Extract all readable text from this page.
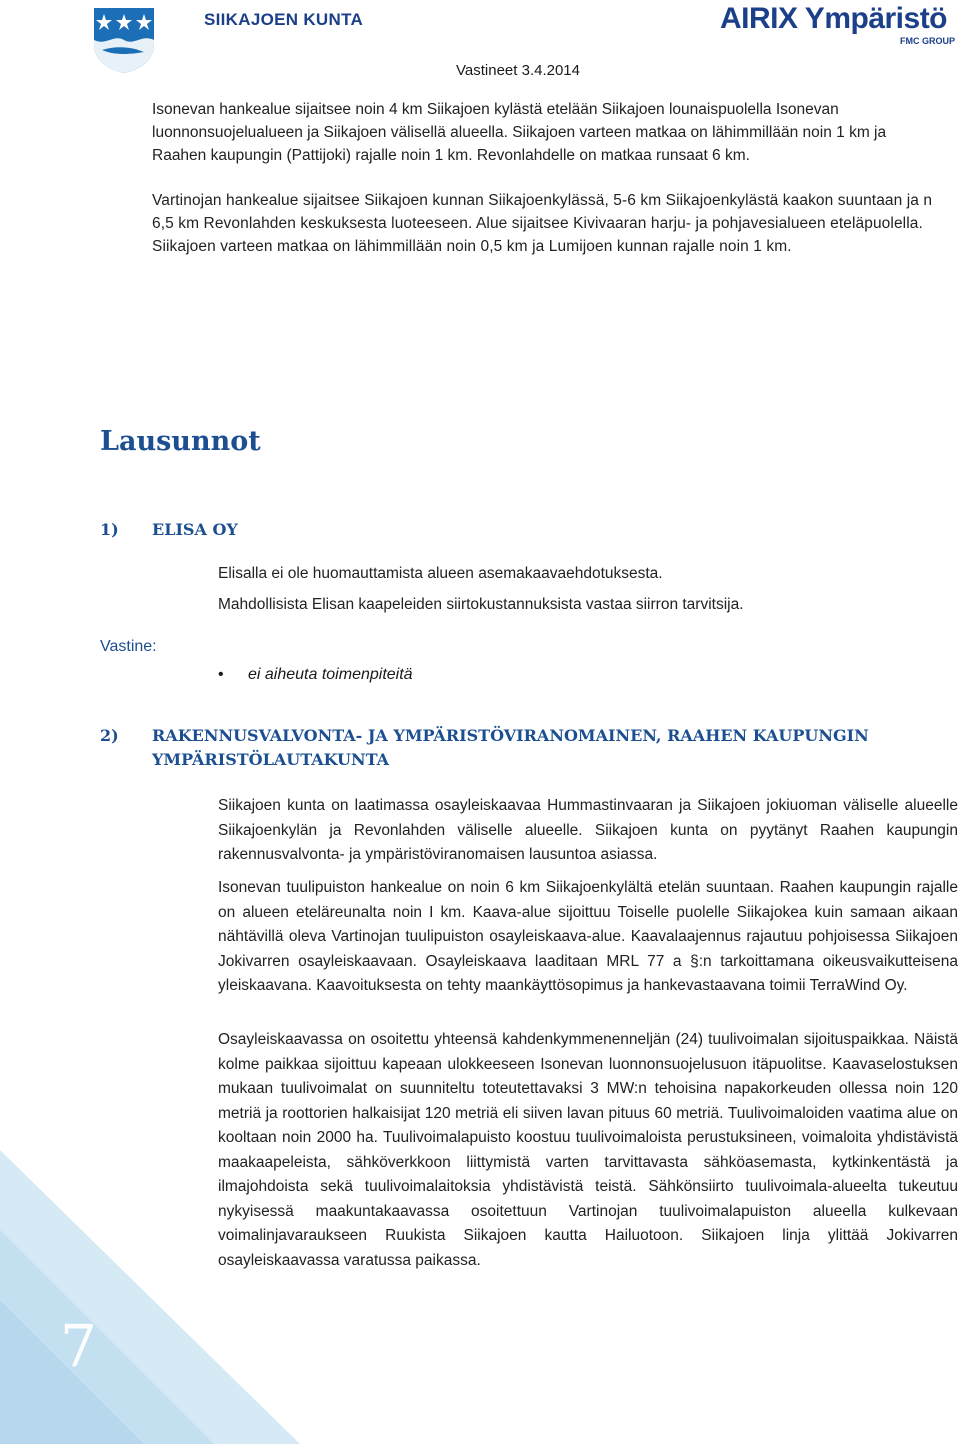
SIIKAJOEN KUNTA	AIRIX Ympäristö
FMC GROUP
Vastineet 3.4.2014

Isonevan hankealue sijaitsee noin 4 km Siikajoen kylästä etelään Siikajoen lounaispuolella Isonevan luonnonsuojelualueen ja Siikajoen välisellä alueella. Siikajoen varteen matkaa on lähimmillään noin 1 km ja Raahen kaupungin (Pattijoki) rajalle noin 1 km. Revonlahdelle on matkaa runsaat 6 km.

Vartinojan hankealue sijaitsee Siikajoen kunnan Siikajoenkylässä, 5-6 km Siikajoenkylästä kaakon suuntaan ja n 6,5 km Revonlahden keskuksesta luoteeseen. Alue sijaitsee Kivivaaran harju- ja pohjavesialueen eteläpuolella. Siikajoen varteen matkaa on lähimmillään noin 0,5 km ja Lumijoen kunnan rajalle noin 1 km.

Lausunnot
1) ELISA OY

Elisalla ei ole huomauttamista alueen asemakaavaehdotuksesta.

Mahdollisista Elisan kaapeleiden siirtokustannuksista vastaa siirron tarvitsija.

Vastine:
• ei aiheuta toimenpiteitä
2) RAKENNUSVALVONTA- JA YMPÄRISTÖVIRANOMAINEN, RAAHEN KAUPUNGIN YMPÄRISTÖLAUTAKUNTA

Siikajoen kunta on laatimassa osayleiskaavaa Hummastinvaaran ja Siikajoen jokiuoman väliselle alueelle Siikajoenkylän ja Revonlahden väliselle alueelle. Siikajoen kunta on pyytänyt Raahen kaupungin rakennusvalvonta- ja ympäristöviranomaisen lausuntoa asiassa.

Isonevan tuulipuiston hankealue on noin 6 km Siikajoenkylältä etelän suuntaan. Raahen kaupungin rajalle on alueen eteläreunalta noin I km. Kaava-alue sijoittuu Toiselle puolelle Siikajokea kuin samaan aikaan nähtävillä oleva Vartinojan tuulipuiston osayleiskaava-alue. Kaavalaajennus rajautuu pohjoisessa Siikajoen Jokivarren osayleiskaavaan. Osayleiskaava laaditaan MRL 77 a §:n tarkoittamana oikeusvaikutteisena yleiskaavana. Kaavoituksesta on tehty maankäyttösopimus ja hankevastaavana toimii TerraWind Oy.

Osayleiskaavassa on osoitettu yhteensä kahdenkymmenenneljän (24) tuulivoimalan sijoituspaikkaa. Näistä kolme paikkaa sijoittuu kapeaan ulokkeeseen Isonevan luonnonsuojelusuon itäpuolitse. Kaavaselostuksen mukaan tuulivoimalat on suunniteltu toteutettavaksi 3 MW:n tehoisina napakorkeuden ollessa noin 120 metriä ja roottorien halkaisijat 120 metriä eli siiven lavan pituus 60 metriä. Tuulivoimaloiden vaatima alue on kooltaan noin 2000 ha. Tuulivoimalapuisto koostuu tuulivoimaloista perustuksineen, voimaloita yhdistävistä maakaapeleista, sähköverkkoon liittymistä varten tarvittavasta sähköasemasta, kytkinkentästä ja ilmajohdoista sekä tuulivoimalaitoksia yhdistävistä teistä. Sähkönsiirto tuulivoimala-alueelta tukeutuu nykyisessä maakuntakaavassa osoitettuun Vartinojan tuulivoimalapuiston alueella kulkevaan voimalinjavaraukseen Ruukista Siikajoen kautta Hailuotoon. Siikajoen linja ylittää Jokivarren osayleiskaavassa varatussa paikassa.

7
